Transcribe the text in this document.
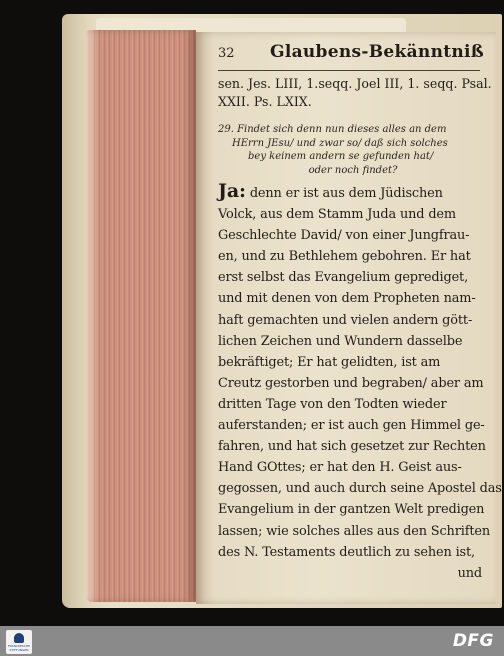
32 Glaubens-Bekänntniß
sen. Jes. LIII, 1.seqq. Joel III, 1. seqq. Psal.
XXII. Ps. LXIX.
29. Findet sich denn nun dieses alles an dem
HErrn JEsu/ und zwar so/ daß sich solches
bey keinem andern se gefunden hat/
oder noch findet?
Ja: denn er ist aus dem Jüdischen
Volck, aus dem Stamm Juda und dem
Geschlechte David/ von einer Jungfrau-
en, und zu Bethlehem gebohren. Er hat
erst selbst das Evangelium geprediget,
und mit denen von dem Propheten nam-
haft gemachten und vielen andern gött-
lichen Zeichen und Wundern dasselbe
bekräftiget; Er hat gelidten, ist am
Creutz gestorben und begraben/ aber am
dritten Tage von den Todten wieder
auferstanden; er ist auch gen Himmel ge-
fahren, und hat sich gesetzet zur Rechten
Hand GOttes; er hat den H. Geist aus-
gegossen, und auch durch seine Apostel das
Evangelium in der gantzen Welt predigen
lassen; wie solches alles aus den Schriften
des N. Testaments deutlich zu sehen ist,
und
FRANCKESCHE STIFTUNGEN	DFG
